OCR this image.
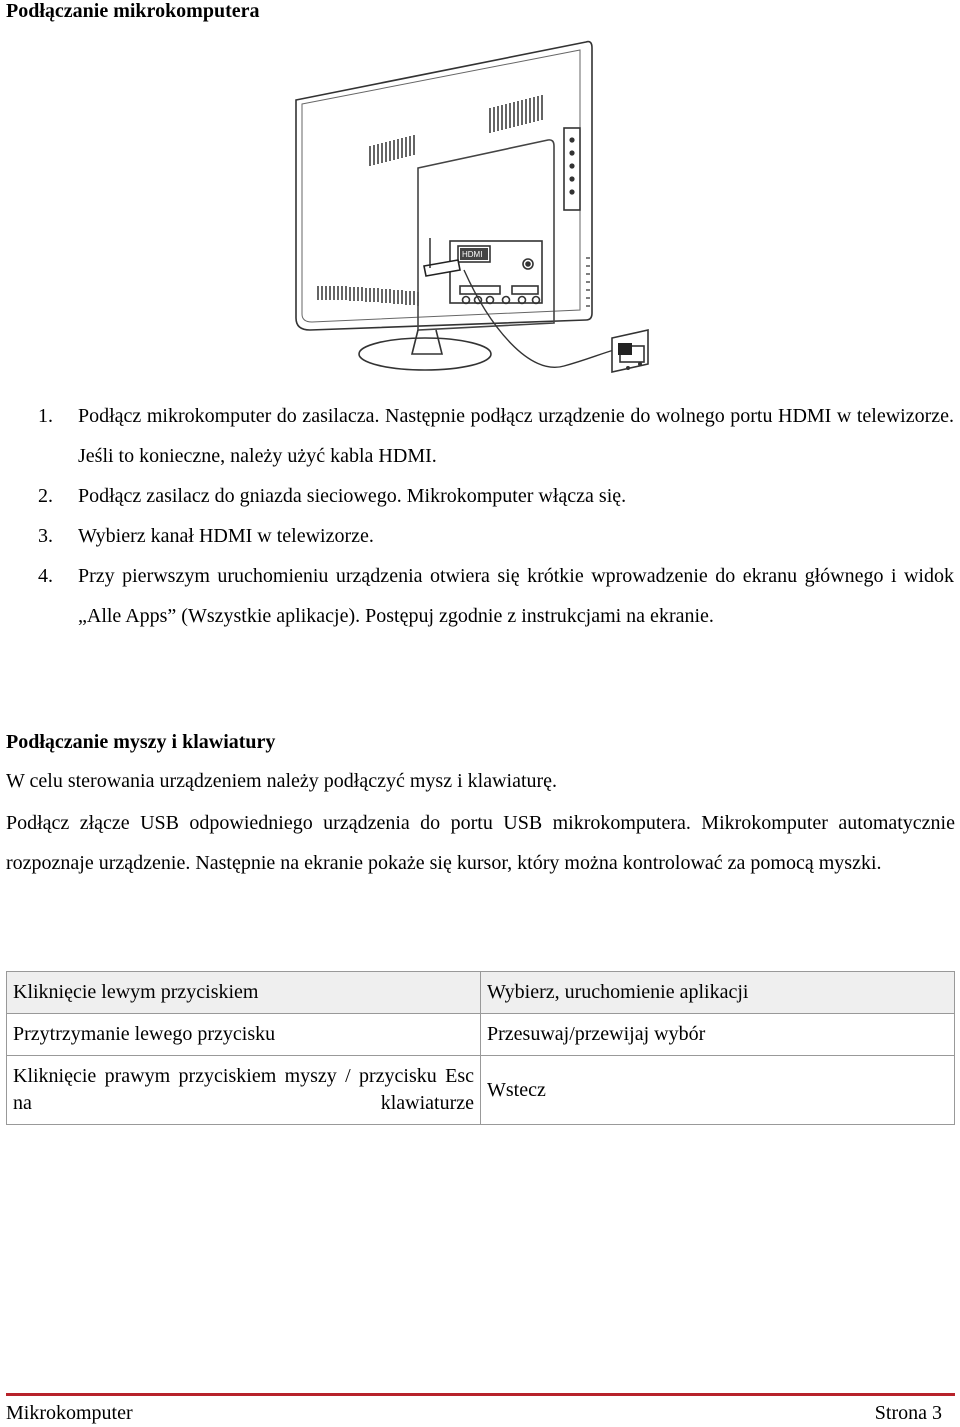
Podłączanie mikrokomputera
HDMI
1. Podłącz mikrokomputer do zasilacza. Następnie podłącz urządzenie do wolnego portu HDMI w telewizorze. Jeśli to konieczne, należy użyć kabla HDMI.
2. Podłącz zasilacz do gniazda sieciowego. Mikrokomputer włącza się.
3. Wybierz kanał HDMI w telewizorze.
4. Przy pierwszym uruchomieniu urządzenia otwiera się krótkie wprowadzenie do ekranu głównego i widok „Alle Apps” (Wszystkie aplikacje). Postępuj zgodnie z instrukcjami na ekranie.
Podłączanie myszy i klawiatury
W celu sterowania urządzeniem należy podłączyć mysz i klawiaturę.
Podłącz złącze USB odpowiedniego urządzenia do portu USB mikrokomputera. Mikrokomputer automatycznie rozpoznaje urządzenie. Następnie na ekranie pokaże się kursor, który można kontrolować za pomocą myszki.
Kliknięcie lewym przyciskiem	Wybierz, uruchomienie aplikacji
Przytrzymanie lewego przycisku	Przesuwaj/przewijaj wybór
Kliknięcie prawym przyciskiem myszy / przycisku Esc na klawiaturze	Wstecz
Mikrokomputer	Strona 3
